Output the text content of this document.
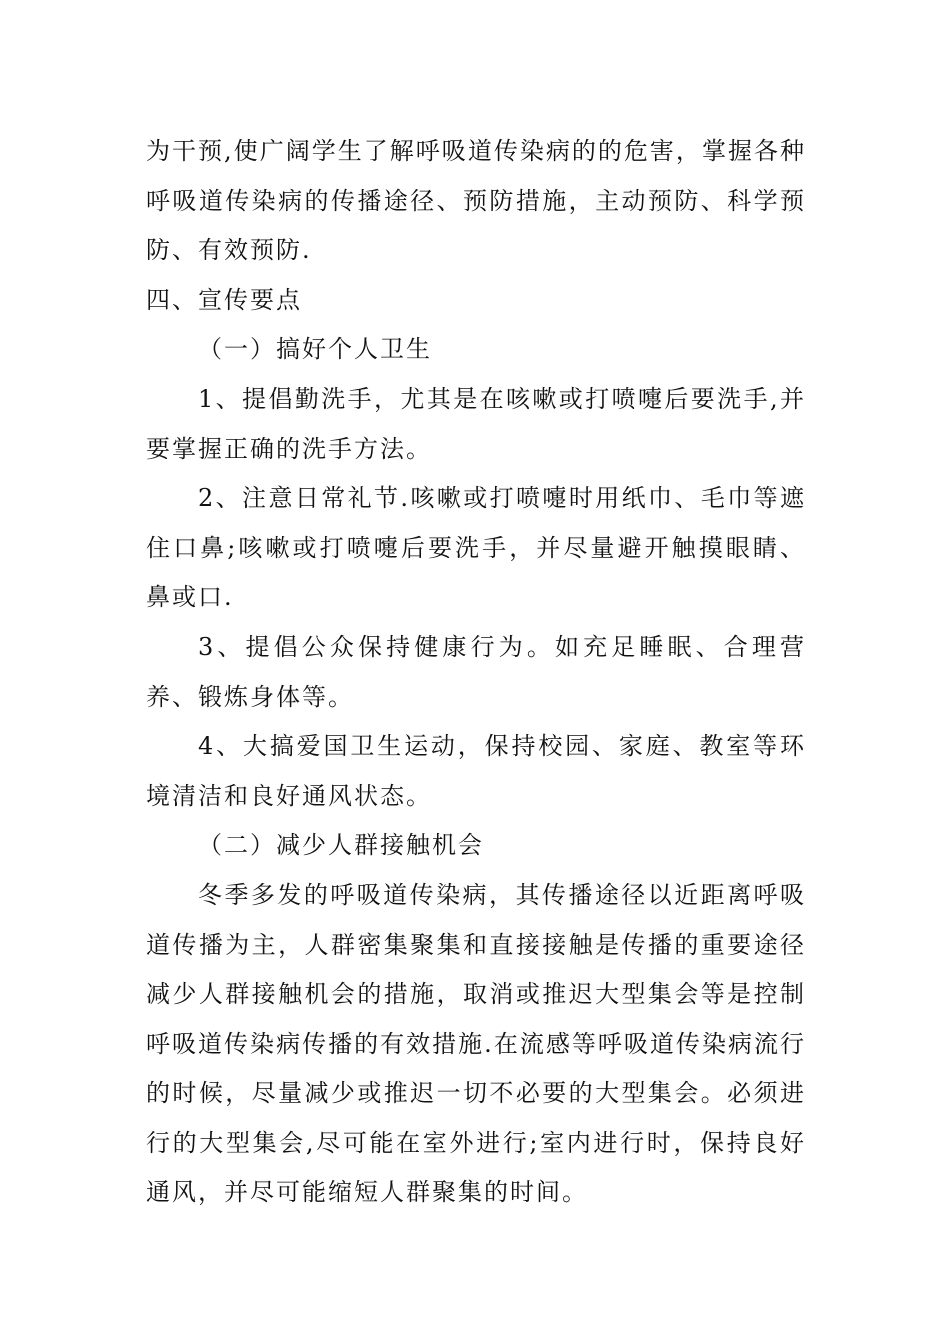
为干预,使广阔学生了解呼吸道传染病的的危害，掌握各种呼吸道传染病的传播途径、预防措施，主动预防、科学预防、有效预防.

四、宣传要点

（一）搞好个人卫生

1、提倡勤洗手，尤其是在咳嗽或打喷嚏后要洗手,并要掌握正确的洗手方法。

2、注意日常礼节.咳嗽或打喷嚏时用纸巾、毛巾等遮住口鼻;咳嗽或打喷嚏后要洗手，并尽量避开触摸眼睛、鼻或口.

3、提倡公众保持健康行为。如充足睡眠、合理营养、锻炼身体等。

4、大搞爱国卫生运动，保持校园、家庭、教室等环境清洁和良好通风状态。

（二）减少人群接触机会

冬季多发的呼吸道传染病，其传播途径以近距离呼吸道传播为主，人群密集聚集和直接接触是传播的重要途径减少人群接触机会的措施，取消或推迟大型集会等是控制呼吸道传染病传播的有效措施.在流感等呼吸道传染病流行的时候，尽量减少或推迟一切不必要的大型集会。必须进行的大型集会,尽可能在室外进行;室内进行时，保持良好通风，并尽可能缩短人群聚集的时间。
